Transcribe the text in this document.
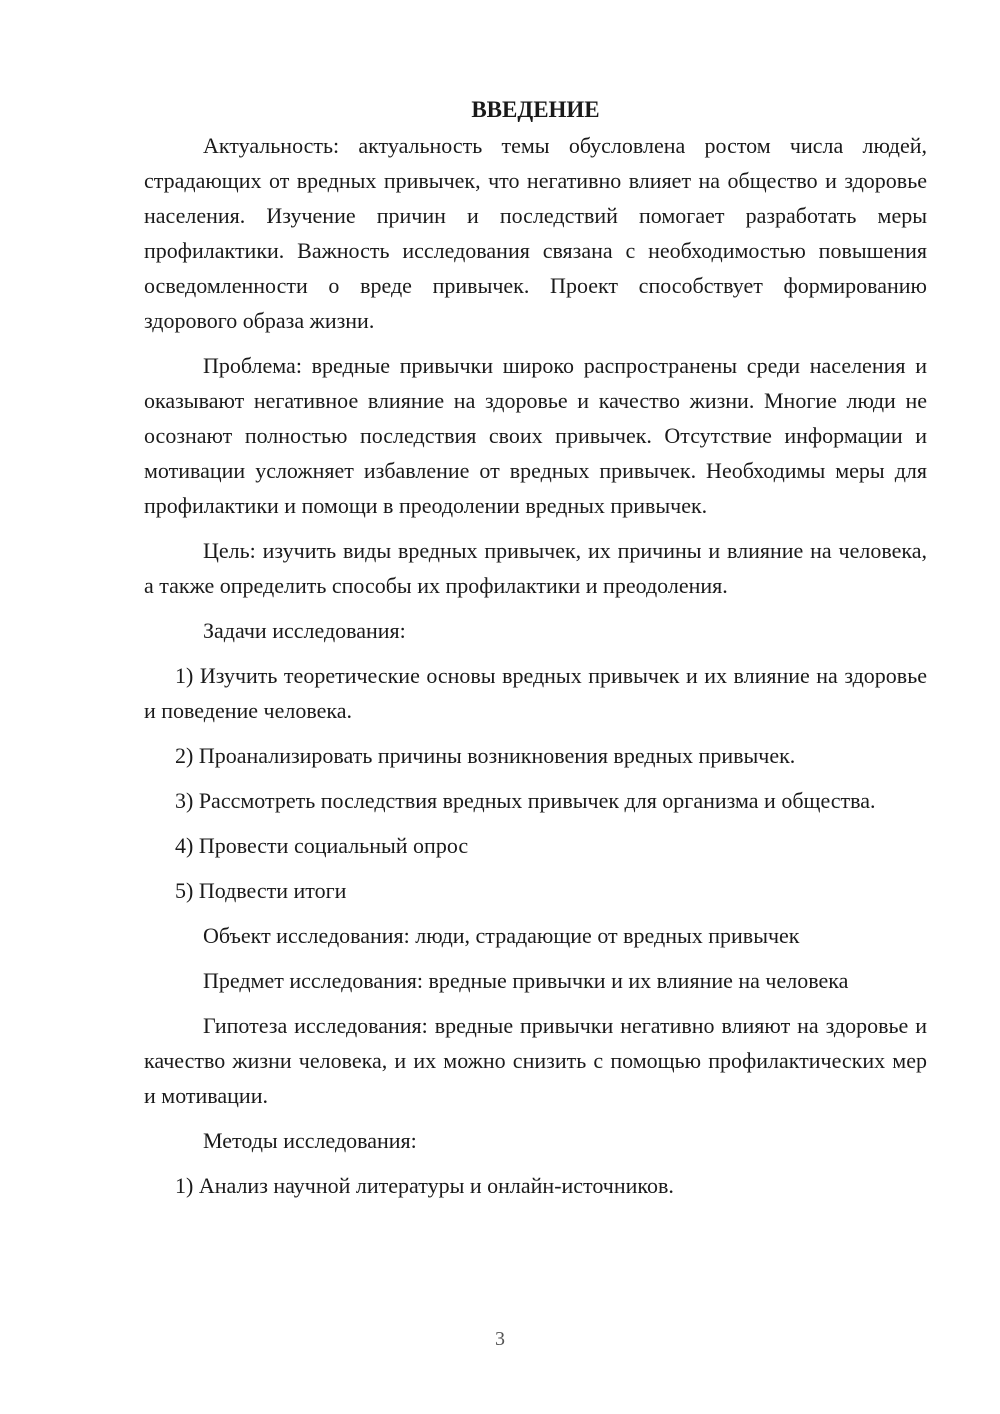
ВВЕДЕНИЕ

Актуальность: актуальность темы обусловлена ростом числа людей, страдающих от вредных привычек, что негативно влияет на общество и здоровье населения. Изучение причин и последствий помогает разработать меры профилактики. Важность исследования связана с необходимостью повышения осведомленности о вреде привычек. Проект способствует формированию здорового образа жизни.

Проблема: вредные привычки широко распространены среди населения и оказывают негативное влияние на здоровье и качество жизни. Многие люди не осознают полностью последствия своих привычек. Отсутствие информации и мотивации усложняет избавление от вредных привычек. Необходимы меры для профилактики и помощи в преодолении вредных привычек.

Цель: изучить виды вредных привычек, их причины и влияние на человека, а также определить способы их профилактики и преодоления.

Задачи исследования:

1) Изучить теоретические основы вредных привычек и их влияние на здоровье и поведение человека.

2) Проанализировать причины возникновения вредных привычек.

3) Рассмотреть последствия вредных привычек для организма и общества.

4) Провести социальный опрос

5) Подвести итоги

Объект исследования: люди, страдающие от вредных привычек

Предмет исследования: вредные привычки и их влияние на человека

Гипотеза исследования: вредные привычки негативно влияют на здоровье и качество жизни человека, и их можно снизить с помощью профилактических мер и мотивации.

Методы исследования:

1) Анализ научной литературы и онлайн-источников.

3
